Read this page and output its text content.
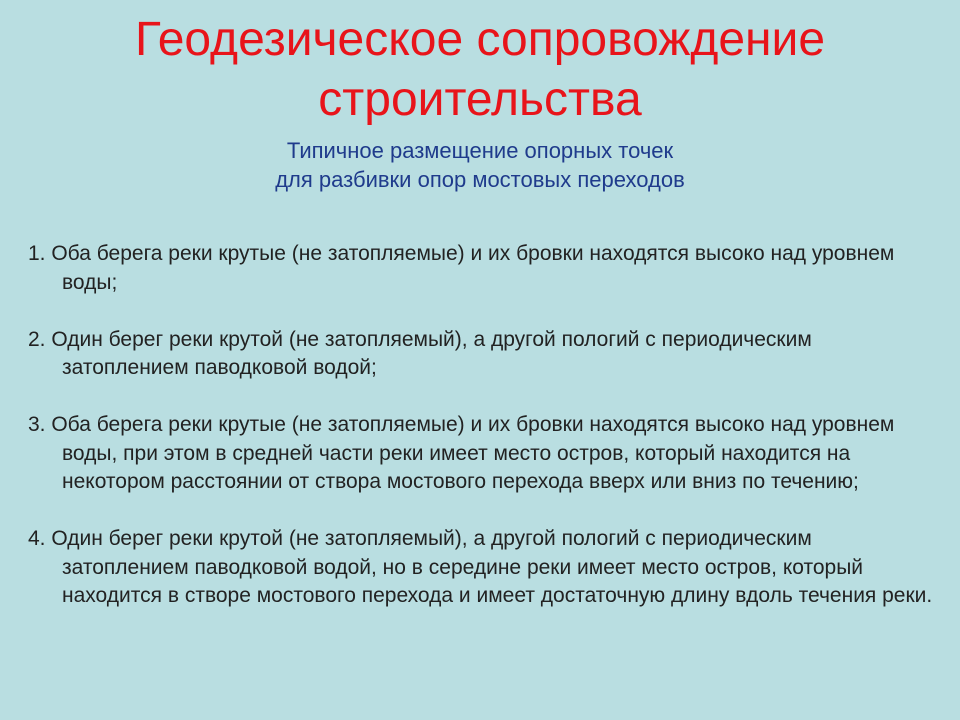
Геодезическое сопровождение
строительства
Типичное размещение опорных точек
для разбивки опор мостовых переходов
1. Оба берега реки крутые (не затопляемые) и их бровки находятся высоко над уровнем воды;
2. Один берег реки крутой (не затопляемый), а другой пологий с периодическим затоплением паводковой водой;
3. Оба берега реки крутые (не затопляемые) и их бровки находятся высоко над уровнем воды, при этом в средней части реки имеет место остров, который находится на некотором расстоянии от створа мостового перехода вверх или вниз по течению;
4. Один берег реки крутой (не затопляемый), а другой пологий с периодическим затоплением паводковой водой, но в середине реки имеет место остров, который находится в створе мостового перехода и имеет достаточную длину вдоль течения реки.
